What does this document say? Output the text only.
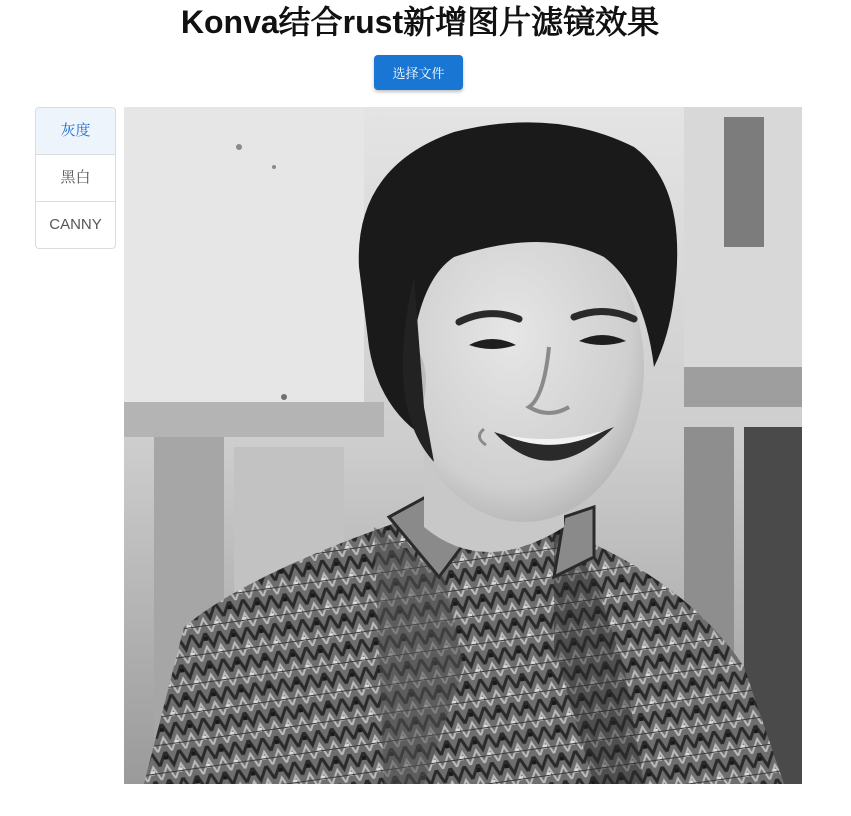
Konva结合rust新增图片滤镜效果
选择文件
灰度
黑白
CANNY
